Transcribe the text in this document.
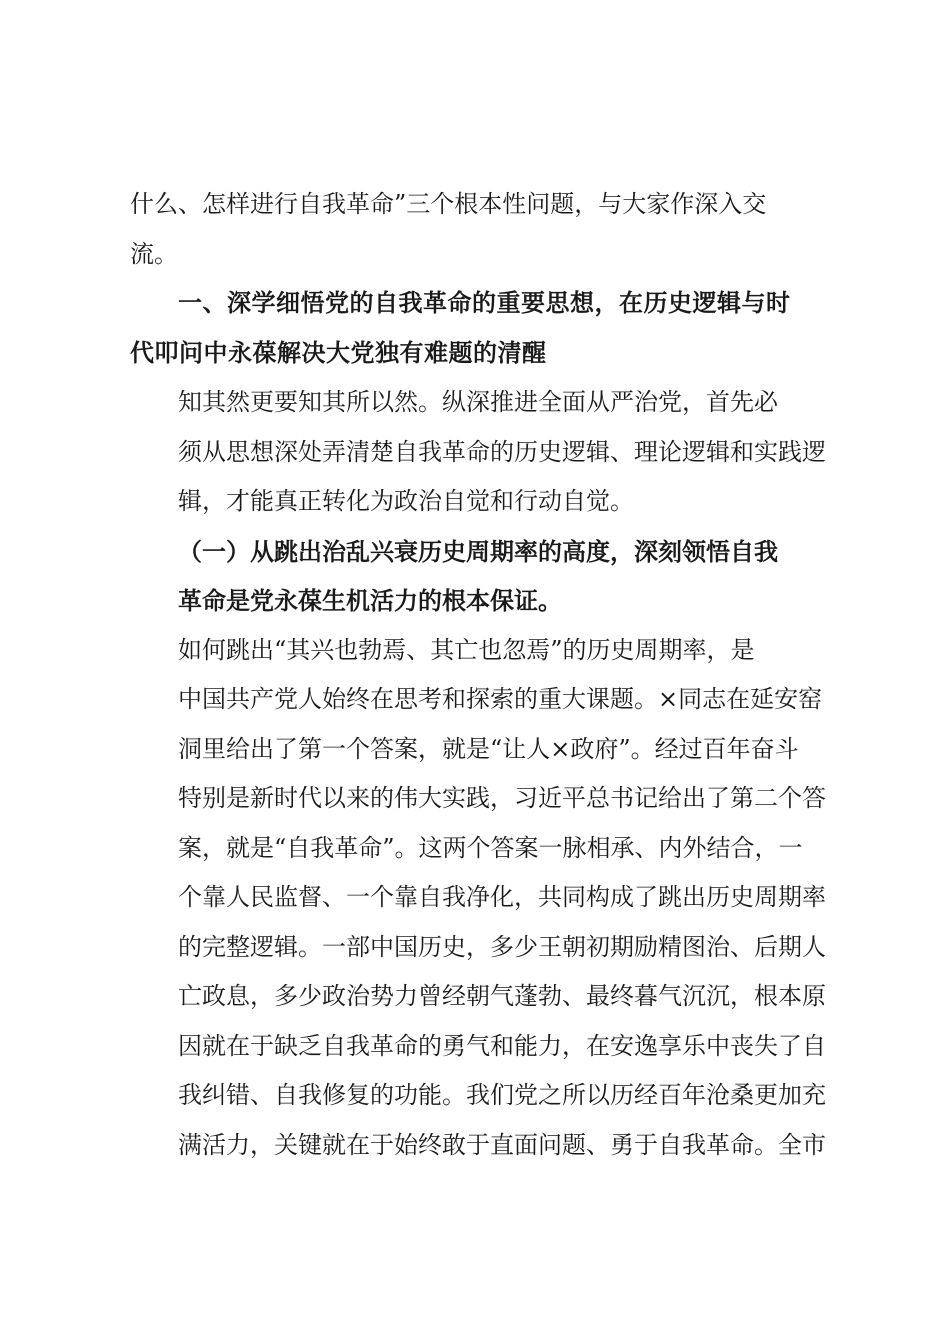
什么、怎样进行自我革命”三个根本性问题，与大家作深入交
流。

一、深学细悟党的自我革命的重要思想，在历史逻辑与时
代叩问中永葆解决大党独有难题的清醒

知其然更要知其所以然。纵深推进全面从严治党，首先必
须从思想深处弄清楚自我革命的历史逻辑、理论逻辑和实践逻
辑，才能真正转化为政治自觉和行动自觉。

（一）从跳出治乱兴衰历史周期率的高度，深刻领悟自我
革命是党永葆生机活力的根本保证。

如何跳出“其兴也勃焉、其亡也忽焉”的历史周期率，是
中国共产党人始终在思考和探索的重大课题。×同志在延安窑
洞里给出了第一个答案，就是“让人×政府”。经过百年奋斗
特别是新时代以来的伟大实践，习近平总书记给出了第二个答
案，就是“自我革命”。这两个答案一脉相承、内外结合，一
个靠人民监督、一个靠自我净化，共同构成了跳出历史周期率
的完整逻辑。一部中国历史，多少王朝初期励精图治、后期人
亡政息，多少政治势力曾经朝气蓬勃、最终暮气沉沉，根本原
因就在于缺乏自我革命的勇气和能力，在安逸享乐中丧失了自
我纠错、自我修复的功能。我们党之所以历经百年沧桑更加充
满活力，关键就在于始终敢于直面问题、勇于自我革命。全市
